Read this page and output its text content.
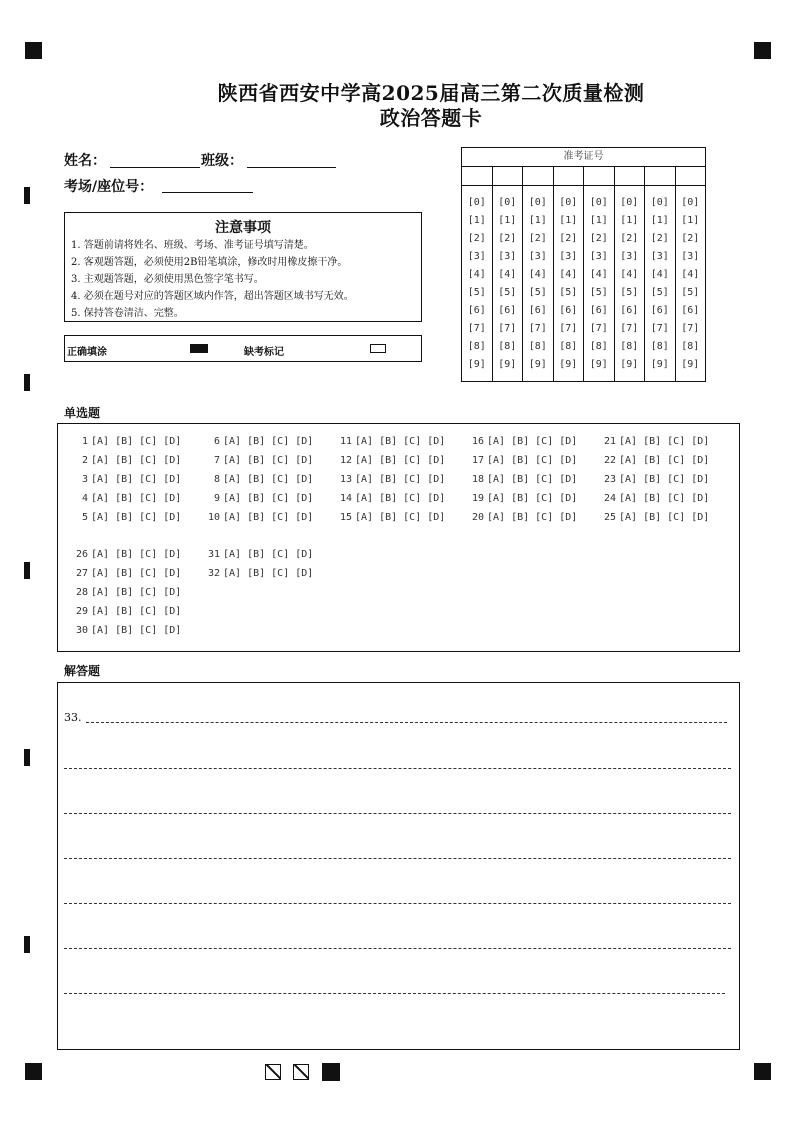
陕西省西安中学高2025届高三第二次质量检测
政治答题卡
姓名：	班级：
考场/座位号：
注意事项
1. 答题前请将姓名、班级、考场、准考证号填写清楚。
2. 客观题答题，必须使用2B铅笔填涂，修改时用橡皮擦干净。
3. 主观题答题，必须使用黑色签字笔书写。
4. 必须在题号对应的答题区域内作答，超出答题区域书写无效。
5. 保持答卷清洁、完整。
正确填涂	缺考标记
准考证号
[0]
[1]
[2]
[3]
[4]
[5]
[6]
[7]
[8]
[9]
[0]
[1]
[2]
[3]
[4]
[5]
[6]
[7]
[8]
[9]
[0]
[1]
[2]
[3]
[4]
[5]
[6]
[7]
[8]
[9]
[0]
[1]
[2]
[3]
[4]
[5]
[6]
[7]
[8]
[9]
[0]
[1]
[2]
[3]
[4]
[5]
[6]
[7]
[8]
[9]
[0]
[1]
[2]
[3]
[4]
[5]
[6]
[7]
[8]
[9]
[0]
[1]
[2]
[3]
[4]
[5]
[6]
[7]
[8]
[9]
[0]
[1]
[2]
[3]
[4]
[5]
[6]
[7]
[8]
[9]
单选题
1 [A] [B] [C] [D]
2 [A] [B] [C] [D]
3 [A] [B] [C] [D]
4 [A] [B] [C] [D]
5 [A] [B] [C] [D]
6 [A] [B] [C] [D]
7 [A] [B] [C] [D]
8 [A] [B] [C] [D]
9 [A] [B] [C] [D]
10 [A] [B] [C] [D]
11 [A] [B] [C] [D]
12 [A] [B] [C] [D]
13 [A] [B] [C] [D]
14 [A] [B] [C] [D]
15 [A] [B] [C] [D]
16 [A] [B] [C] [D]
17 [A] [B] [C] [D]
18 [A] [B] [C] [D]
19 [A] [B] [C] [D]
20 [A] [B] [C] [D]
21 [A] [B] [C] [D]
22 [A] [B] [C] [D]
23 [A] [B] [C] [D]
24 [A] [B] [C] [D]
25 [A] [B] [C] [D]
26 [A] [B] [C] [D]
27 [A] [B] [C] [D]
28 [A] [B] [C] [D]
29 [A] [B] [C] [D]
30 [A] [B] [C] [D]
31 [A] [B] [C] [D]
32 [A] [B] [C] [D]
解答题
33.
